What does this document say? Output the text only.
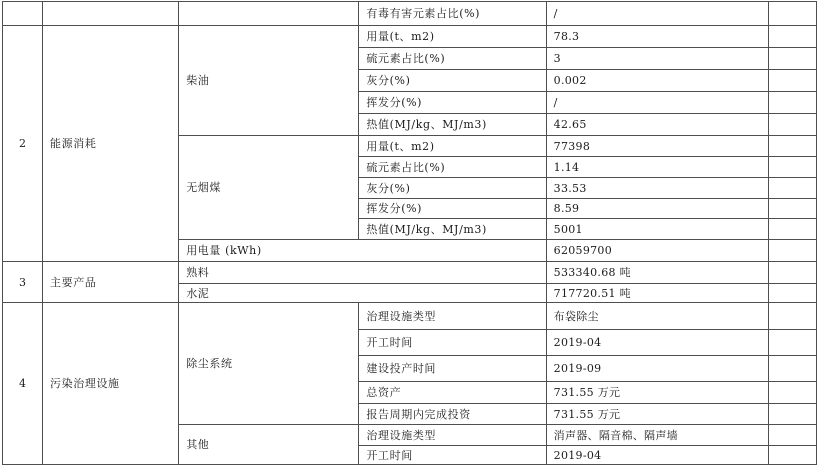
			有毒有害元素占比(%)	/	
2	能源消耗	柴油	用量(t、m2)	78.3	
			硫元素占比(%)	3	
			灰分(%)	0.002	
			挥发分(%)	/	
			热值(MJ/kg、MJ/m3)	42.65	
		无烟煤	用量(t、m2)	77398	
			硫元素占比(%)	1.14	
			灰分(%)	33.53	
			挥发分(%)	8.59	
			热值(MJ/kg、MJ/m3)	5001	
		用电量 (kWh)		62059700	
3	主要产品	熟料		533340.68 吨	
		水泥		717720.51 吨	
4	污染治理设施	除尘系统	治理设施类型	布袋除尘	
			开工时间	2019-04	
			建设投产时间	2019-09	
			总资产	731.55 万元	
			报告周期内完成投资	731.55 万元	
		其他	治理设施类型	消声器、隔音棉、隔声墙	
			开工时间	2019-04	
